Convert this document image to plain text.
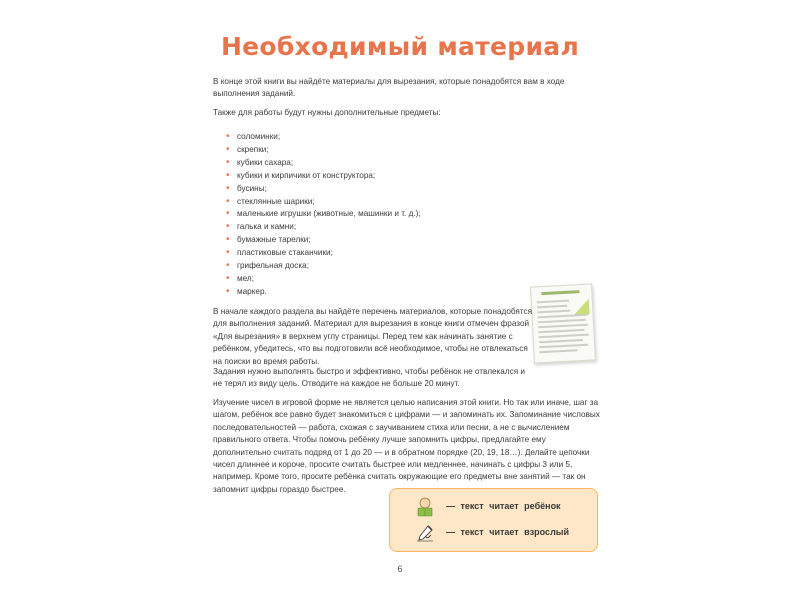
Необходимый материал
В конце этой книги вы найдёте материалы для вырезания, которые понадобятся вам в ходе выполнения заданий.
Также для работы будут нужны дополнительные предметы:
• соломинки;
• скрепки;
• кубики сахара;
• кубики и кирпичики от конструктора;
• бусины;
• стеклянные шарики;
• маленькие игрушки (животные, машинки и т. д.);
• галька и камни;
• бумажные тарелки;
• пластиковые стаканчики;
• грифельная доска;
• мел;
• маркер.
В начале каждого раздела вы найдёте перечень материалов, которые понадобятся для выполнения заданий. Материал для вырезания в конце книги отмечен фразой «Для вырезания» в верхнем углу страницы. Перед тем как начинать занятие с ребёнком, убедитесь, что вы подготовили всё необходимое, чтобы не отвлекаться на поиски во время работы.
Задания нужно выполнять быстро и эффективно, чтобы ребёнок не отвлекался и не терял из виду цель. Отводите на каждое не больше 20 минут.
Изучение чисел в игровой форме не является целью написания этой книги. Но так или иначе, шаг за шагом, ребёнок все равно будет знакомиться с цифрами — и запоминать их. Запоминание числовых последовательностей — работа, схожая с заучиванием стиха или песни, а не с вычислением правильного ответа. Чтобы помочь ребёнку лучше запомнить цифры, предлагайте ему дополнительно считать подряд от 1 до 20 — и в обратном порядке (20, 19, 18…). Делайте цепочки чисел длиннее и короче, просите считать быстрее или медленнее, начинать с цифры 3 или 5, например. Кроме того, просите ребёнка считать окружающие его предметы вне занятий — так он запомнит цифры гораздо быстрее.
— текст читает ребёнок
— текст читает взрослый
6
